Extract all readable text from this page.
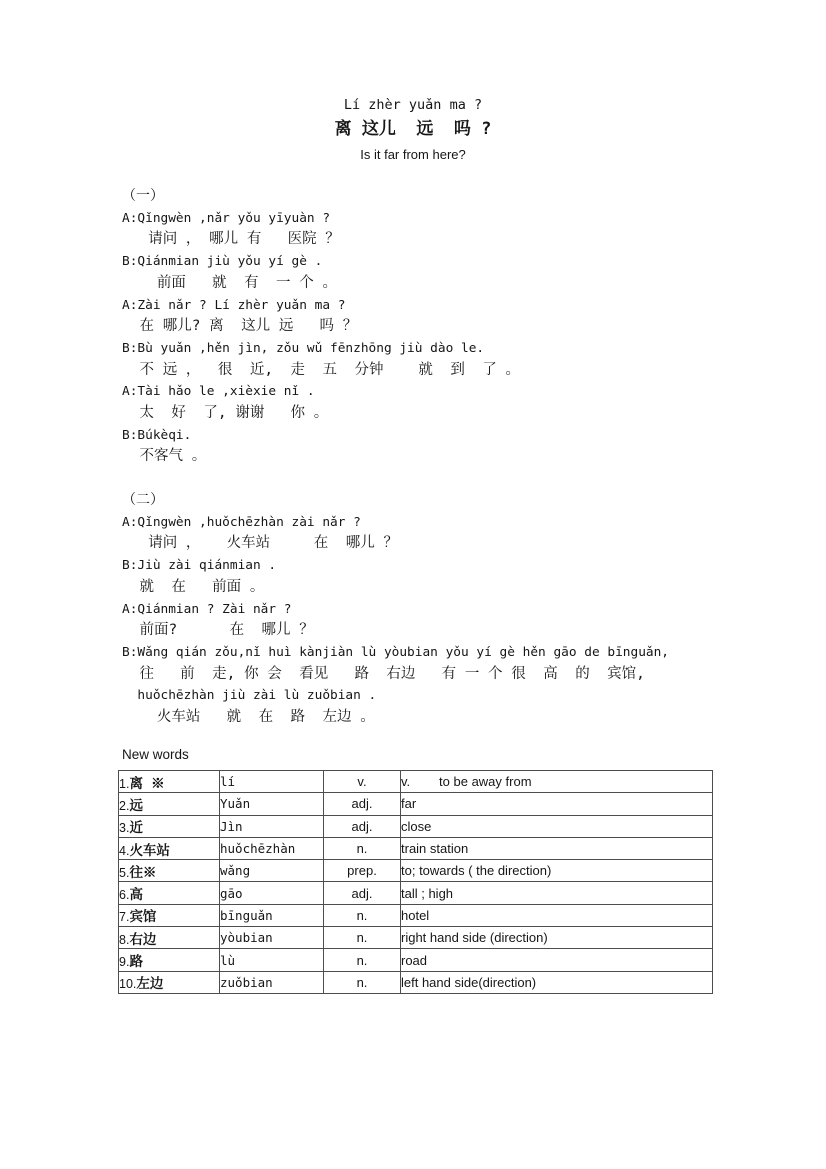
Lí zhèr yuǎn ma ?
离 这儿  远  吗 ?
Is it far from here?
（一）
A:Qǐngwèn ,nǎr yǒu yīyuàn ?
请问 ， 哪儿 有   医院 ？
B:Qiánmian jiù yǒu yí gè .
前面   就  有  一 个 。
A:Zài nǎr ? Lí zhèr yuǎn ma ?
在 哪儿? 离  这儿 远   吗 ？
B:Bù yuǎn ,hěn jìn, zǒu wǔ fēnzhōng jiù dào le.
不 远 ，  很  近,  走  五  分钟    就  到  了 。
A:Tài hǎo le ,xièxie nǐ .
太  好  了, 谢谢   你 。
B:Búkèqi.
不客气 。
（二）
A:Qǐngwèn ,huǒchēzhàn zài nǎr ?
请问 ，   火车站     在  哪儿 ？
B:Jiù zài qiánmian .
就  在   前面 。
A:Qiánmian ? Zài nǎr ?
前面?      在  哪儿 ？
B:Wǎng qián zǒu,nǐ huì kànjiàn lù yòubian yǒu yí gè hěn gāo de bīnguǎn,
往   前  走, 你 会  看见   路  右边   有 一 个 很  高  的  宾馆,
huǒchēzhàn jiù zài lù zuǒbian .
火车站   就  在  路  左边 。
New words
1.离 ※	lí	v.	v.        to be away from
2.远	Yuǎn	adj.	far
3.近	Jìn	adj.	close
4.火车站	huǒchēzhàn	n.	train station
5.往※	wǎng	prep.	to; towards ( the direction)
6.高	gāo	adj.	tall ; high
7.宾馆	bīnguǎn	n.	hotel
8.右边	yòubian	n.	right hand side (direction)
9.路	lù	n.	road
10.左边	zuǒbian	n.	left hand side(direction)
